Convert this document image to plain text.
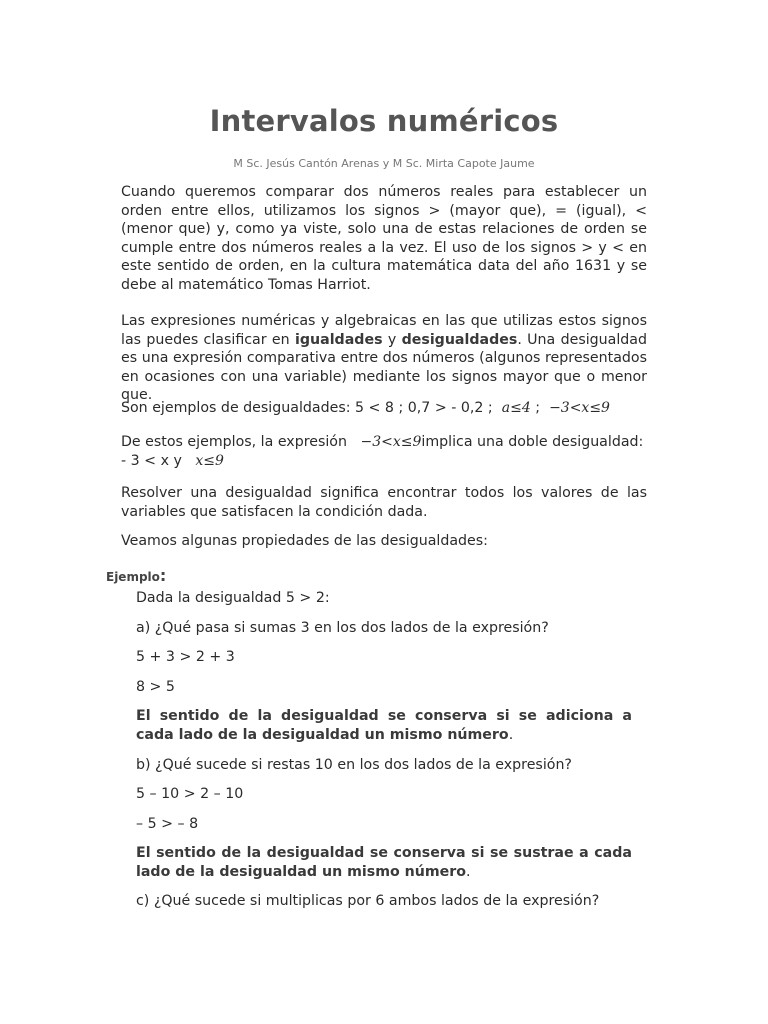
Intervalos numéricos
M Sc. Jesús Cantón Arenas y M Sc. Mirta Capote Jaume

Cuando queremos comparar dos números reales para establecer un orden entre ellos, utilizamos los signos > (mayor que), = (igual), < (menor que) y, como ya viste, solo una de estas relaciones de orden se cumple entre dos números reales a la vez. El uso de los signos > y < en este sentido de orden, en la cultura matemática data del año 1631 y se debe al matemático Tomas Harriot.

Las expresiones numéricas y algebraicas en las que utilizas estos signos las puedes clasificar en igualdades y desigualdades. Una desigualdad es una expresión comparativa entre dos números (algunos representados en ocasiones con una variable) mediante los signos mayor que o menor que.

Son ejemplos de desigualdades: 5 < 8 ; 0,7 > - 0,2 ; a≤4 ; −3<x≤9

De estos ejemplos, la expresión −3<x≤9implica una doble desigualdad:

- 3 < x y x≤9

Resolver una desigualdad significa encontrar todos los valores de las variables que satisfacen la condición dada.

Veamos algunas propiedades de las desigualdades:

Ejemplo:
Dada la desigualdad 5 > 2:
a) ¿Qué pasa si sumas 3 en los dos lados de la expresión?
5 + 3 > 2 + 3
8 > 5
El sentido de la desigualdad se conserva si se adiciona a cada lado de la desigualdad un mismo número.
b) ¿Qué sucede si restas 10 en los dos lados de la expresión?
5 – 10 > 2 – 10
– 5 > – 8
El sentido de la desigualdad se conserva si se sustrae a cada lado de la desigualdad un mismo número.
c) ¿Qué sucede si multiplicas por 6 ambos lados de la expresión?
